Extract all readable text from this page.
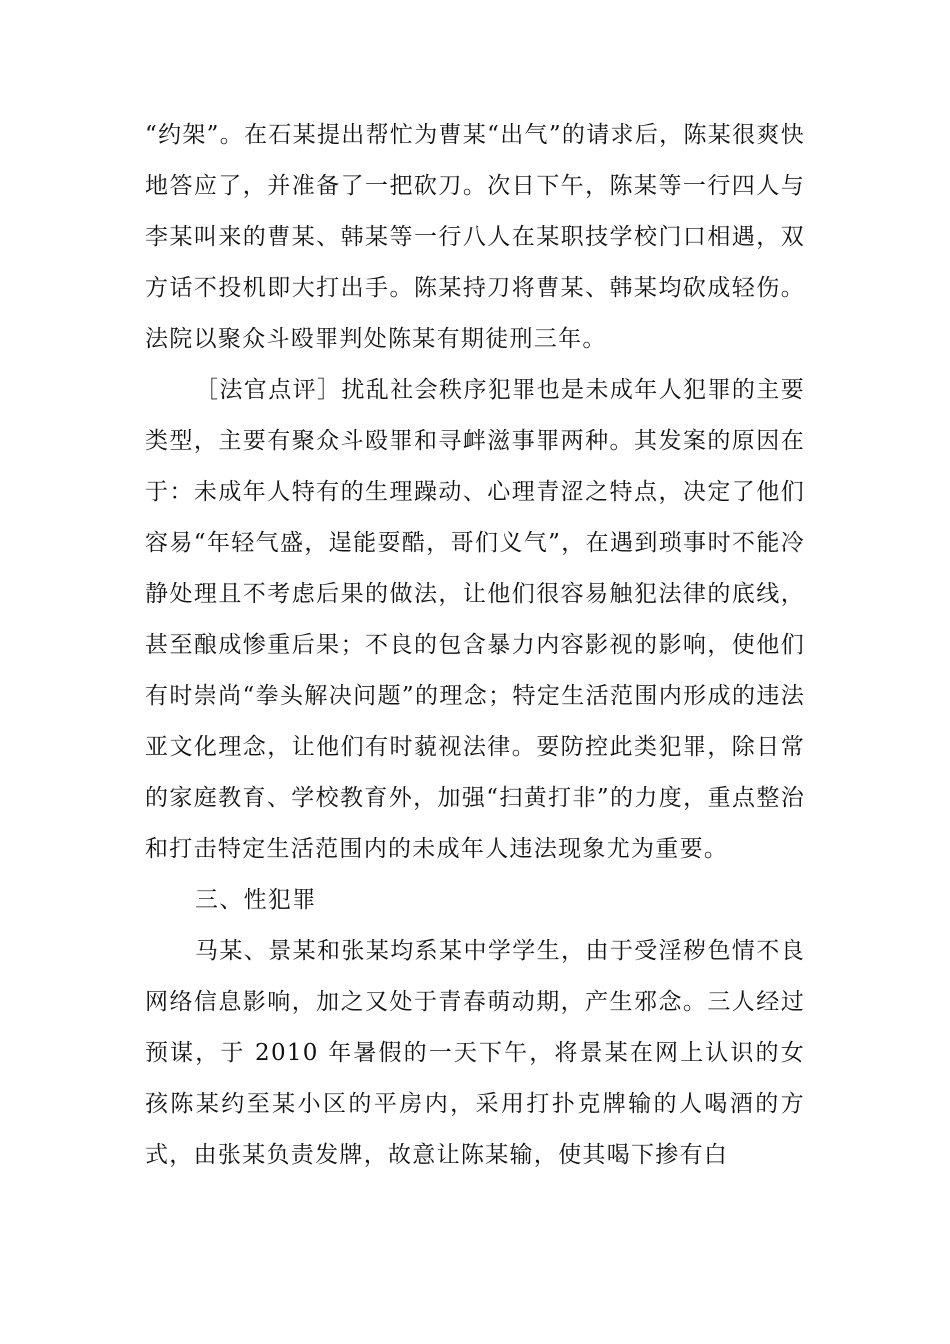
“约架”。在石某提出帮忙为曹某“出气”的请求后，陈某很爽快地答应了，并准备了一把砍刀。次日下午，陈某等一行四人与李某叫来的曹某、韩某等一行八人在某职技学校门口相遇，双方话不投机即大打出手。陈某持刀将曹某、韩某均砍成轻伤。法院以聚众斗殴罪判处陈某有期徒刑三年。

［法官点评］扰乱社会秩序犯罪也是未成年人犯罪的主要类型，主要有聚众斗殴罪和寻衅滋事罪两种。其发案的原因在于：未成年人特有的生理躁动、心理青涩之特点，决定了他们容易“年轻气盛，逞能耍酷，哥们义气”，在遇到琐事时不能冷静处理且不考虑后果的做法，让他们很容易触犯法律的底线，甚至酿成惨重后果；不良的包含暴力内容影视的影响，使他们有时崇尚“拳头解决问题”的理念；特定生活范围内形成的违法亚文化理念，让他们有时藐视法律。要防控此类犯罪，除日常的家庭教育、学校教育外，加强“扫黄打非”的力度，重点整治和打击特定生活范围内的未成年人违法现象尤为重要。

三、性犯罪

马某、景某和张某均系某中学学生，由于受淫秽色情不良网络信息影响，加之又处于青春萌动期，产生邪念。三人经过预谋，于 2010 年暑假的一天下午，将景某在网上认识的女孩陈某约至某小区的平房内，采用打扑克牌输的人喝酒的方式，由张某负责发牌，故意让陈某输，使其喝下掺有白
